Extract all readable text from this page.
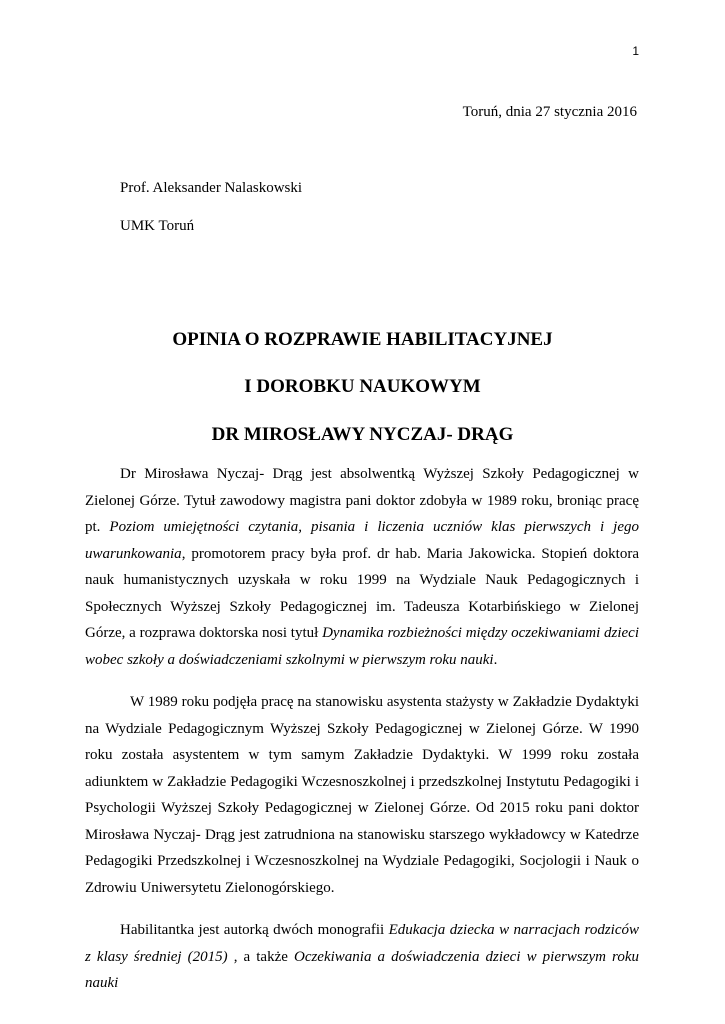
1
Toruń, dnia 27 stycznia 2016
Prof. Aleksander Nalaskowski
UMK Toruń
OPINIA O ROZPRAWIE HABILITACYJNEJ
I DOROBKU NAUKOWYM
DR MIROSŁAWY NYCZAJ- DRĄG

Dr Mirosława Nyczaj- Drąg jest absolwentką Wyższej Szkoły Pedagogicznej w Zielonej Górze. Tytuł zawodowy magistra pani doktor zdobyła w 1989 roku, broniąc pracę pt. Poziom umiejętności czytania, pisania i liczenia uczniów klas pierwszych i jego uwarunkowania, promotorem pracy była prof. dr hab. Maria Jakowicka. Stopień doktora nauk humanistycznych uzyskała w roku 1999 na Wydziale Nauk Pedagogicznych i Społecznych Wyższej Szkoły Pedagogicznej im. Tadeusza Kotarbińskiego w Zielonej Górze, a rozprawa doktorska nosi tytuł Dynamika rozbieżności między oczekiwaniami dzieci wobec szkoły a doświadczeniami szkolnymi w pierwszym roku nauki.

W 1989 roku podjęła pracę na stanowisku asystenta stażysty w Zakładzie Dydaktyki na Wydziale Pedagogicznym Wyższej Szkoły Pedagogicznej w Zielonej Górze. W 1990 roku została asystentem w tym samym Zakładzie Dydaktyki. W 1999 roku została adiunktem w Zakładzie Pedagogiki Wczesnoszkolnej i przedszkolnej Instytutu Pedagogiki i Psychologii Wyższej Szkoły Pedagogicznej w Zielonej Górze. Od 2015 roku pani doktor Mirosława Nyczaj- Drąg jest zatrudniona na stanowisku starszego wykładowcy w Katedrze Pedagogiki Przedszkolnej i Wczesnoszkolnej na Wydziale Pedagogiki, Socjologii i Nauk o Zdrowiu Uniwersytetu Zielonogórskiego.

Habilitantka jest autorką dwóch monografii Edukacja dziecka w narracjach rodziców z klasy średniej (2015) , a także Oczekiwania a doświadczenia dzieci w pierwszym roku nauki
